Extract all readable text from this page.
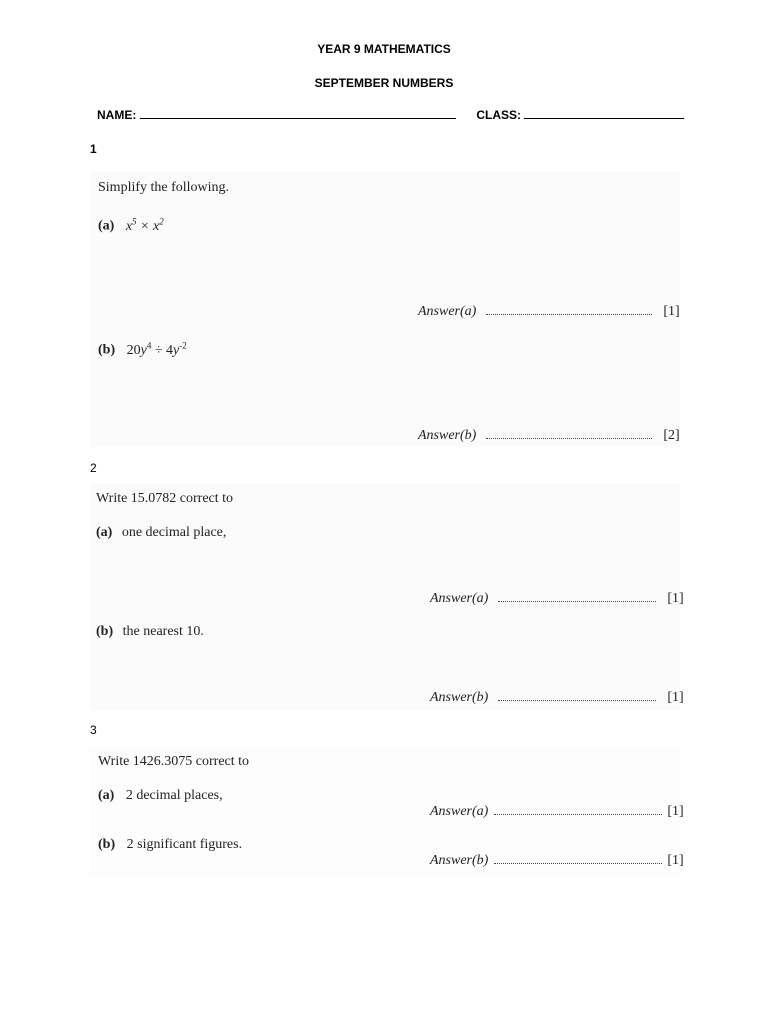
YEAR 9 MATHEMATICS
SEPTEMBER NUMBERS
NAME:	CLASS:
1
Simplify the following.
(a) $x^5 \times x^2$
Answer(a)	[1]
(b) $20y^4 \div 4y^{-2}$
Answer(b)	[2]
2
Write 15.0782 correct to
(a) one decimal place,
Answer(a)	[1]
(b) the nearest 10.
Answer(b)	[1]
3
Write 1426.3075 correct to
(a) 2 decimal places,
Answer(a)	[1]
(b) 2 significant figures.
Answer(b)	[1]
